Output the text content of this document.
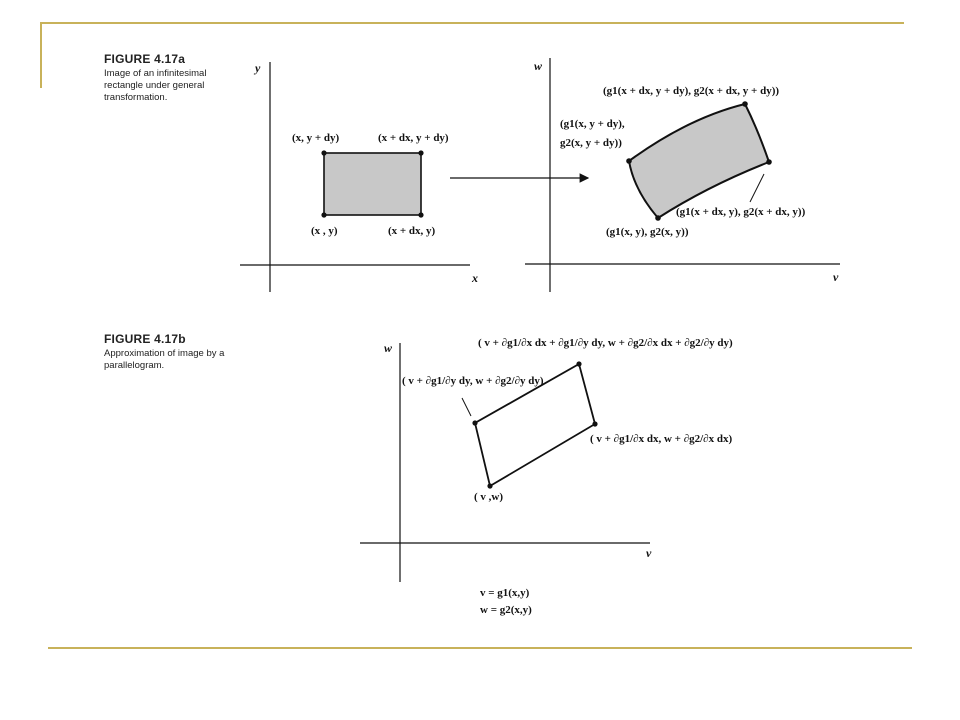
FIGURE 4.17a
Image of an infinitesimal
rectangle under general
transformation.
FIGURE 4.17b
Approximation of image by a
parallelogram.
x
y
(x, y + dy)	(x + dx, y + dy)
(x , y)	(x + dx, y)
v
w
(g1(x + dx, y + dy), g2(x + dx, y + dy))
(g1(x, y + dy),
g2(x, y + dy))
(g1(x + dx, y), g2(x + dx, y))
(g1(x, y), g2(x, y))
v
w	( v + ∂g1/∂x dx + ∂g1/∂y dy, w + ∂g2/∂x dx + ∂g2/∂y dy)
( v + ∂g1/∂y dy, w + ∂g2/∂y dy)
( v + ∂g1/∂x dx, w + ∂g2/∂x dx)
( v ,w)
v = g1(x,y)
w = g2(x,y)
